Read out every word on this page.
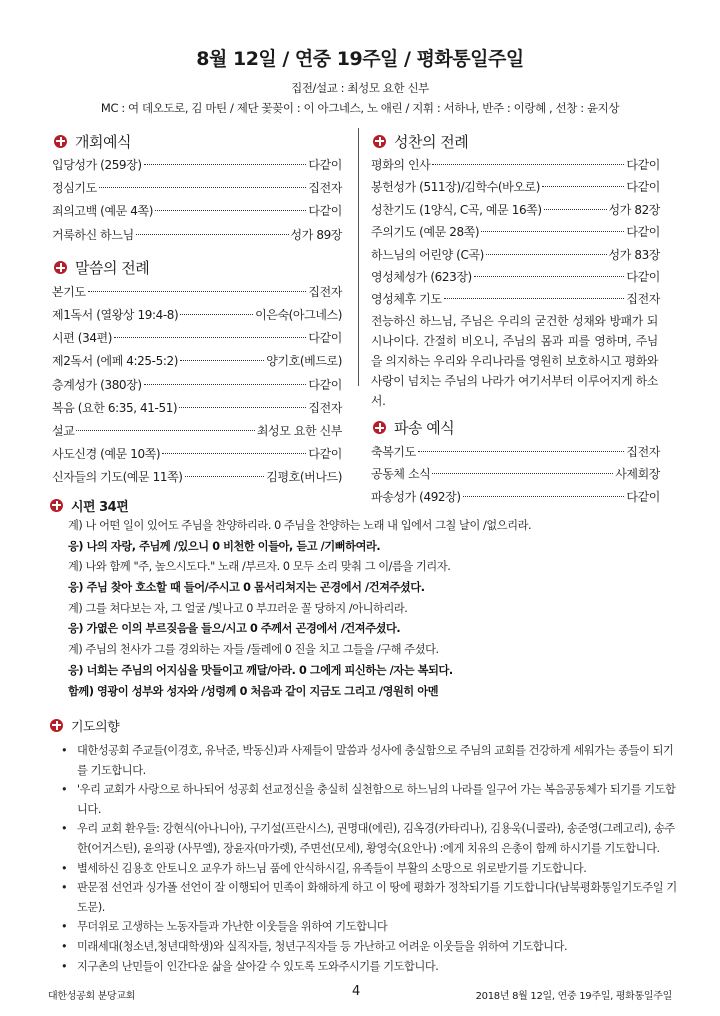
8월 12일 / 연중 19주일 / 평화통일주일
집전/설교 : 최성모 요한 신부
MC : 여 데오도로, 김 마틴 / 제단 꽃꽂이 : 이 아그네스, 노 애린 / 지휘 : 서하나, 반주 : 이랑혜 , 선창 : 윤지상
개회예식
입당성가 (259장)	다같이
정심기도	집전자
죄의고백 (예문 4쪽)	다같이
거룩하신 하느님	성가 89장
말씀의 전례
본기도	집전자
제1독서 (열왕상 19:4-8)	이은숙(아그네스)
시편 (34편)	다같이
제2독서 (에페 4:25-5:2)	양기호(베드로)
층계성가 (380장)	다같이
복음 (요한 6:35, 41-51)	집전자
설교	최성모 요한 신부
사도신경 (예문 10쪽)	다같이
신자들의 기도(예문 11쪽)	김평호(버나드)
성찬의 전례
평화의 인사	다같이
봉헌성가 (511장)/김학수(바오로)	다같이
성찬기도 (1양식, C곡, 예문 16쪽)	성가 82장
주의기도 (예문 28쪽)	다같이
하느님의 어린양 (C곡)	성가 83장
영성체성가 (623장)	다같이
영성체후 기도	집전자

전능하신 하느님, 주님은 우리의 굳건한 성채와 방패가 되시나이다. 간절히 비오니, 주님의 몸과 피를 영하며, 주님을 의지하는 우리와 우리나라를 영원히 보호하시고 평화와 사랑이 넘치는 주님의 나라가 여기서부터 이루어지게 하소서.

파송 예식
축복기도	집전자
공동체 소식	사제회장
파송성가 (492장)	다같이
시편 34편
계) 나 어떤 일이 있어도 주님을 찬양하리라. 0 주님을 찬양하는 노래 내 입에서 그칠 날이 /없으리라.
응) 나의 자랑, 주님께 /있으니 0 비천한 이들아, 듣고 /기뻐하여라.
계) 나와 함께 "주, 높으시도다." 노래 /부르자. 0 모두 소리 맞춰 그 이/름을 기리자.
응) 주님 찾아 호소할 때 들어/주시고 0 몸서리쳐지는 곤경에서 /건져주셨다.
계) 그를 쳐다보는 자, 그 얼굴 /빛나고 0 부끄러운 꼴 당하지 /아니하리라.
응) 가엾은 이의 부르짖음을 들으/시고 0 주께서 곤경에서 /건져주셨다.
계) 주님의 천사가 그를 경외하는 자들 /둘레에 0 진을 치고 그들을 /구해 주셨다.
응) 너희는 주님의 어지심을 맛들이고 깨달/아라. 0 그에게 피신하는 /자는 복되다.
함께) 영광이 성부와 성자와 /성령께 0 처음과 같이 지금도 그리고 /영원히 아멘
기도의향
• 대한성공회 주교들(이경호, 유낙준, 박동신)과 사제들이 말씀과 성사에 충실함으로 주님의 교회를 건강하게 세워가는 종들이 되기를 기도합니다.
• '우리 교회가 사랑으로 하나되어 성공회 선교정신을 충실히 실천함으로 하느님의 나라를 일구어 가는 복음공동체가 되기를 기도합니다.
• 우리 교회 환우들: 강현식(아나니아), 구기설(프란시스), 권명대(에린), 김옥경(카타리나), 김용욱(니콜라), 송준영(그레고리), 송주한(어거스틴), 윤의광 (사무엘), 장윤자(마가렛), 주면선(모세), 황영숙(요안나) :에게 치유의 은총이 함께 하시기를 기도합니다.
• 별세하신 김용호 안토니오 교우가 하느님 품에 안식하시길, 유족들이 부활의 소망으로 위로받기를 기도합니다.
• 판문점 선언과 싱가폴 선언이 잘 이행되어 민족이 화해하게 하고 이 땅에 평화가 정착되기를 기도합니다(남북평화통일기도주일 기도문).
• 무더위로 고생하는 노동자들과 가난한 이웃들을 위하여 기도합니다
• 미래세대(청소년,청년대학생)와 실직자들, 청년구직자들 등 가난하고 어려운 이웃들을 위하여 기도합니다.
• 지구촌의 난민들이 인간다운 삶을 살아갈 수 있도록 도와주시기를 기도합니다.
대한성공회 분당교회	4	2018년 8월 12일, 연중 19주일, 평화통일주일
